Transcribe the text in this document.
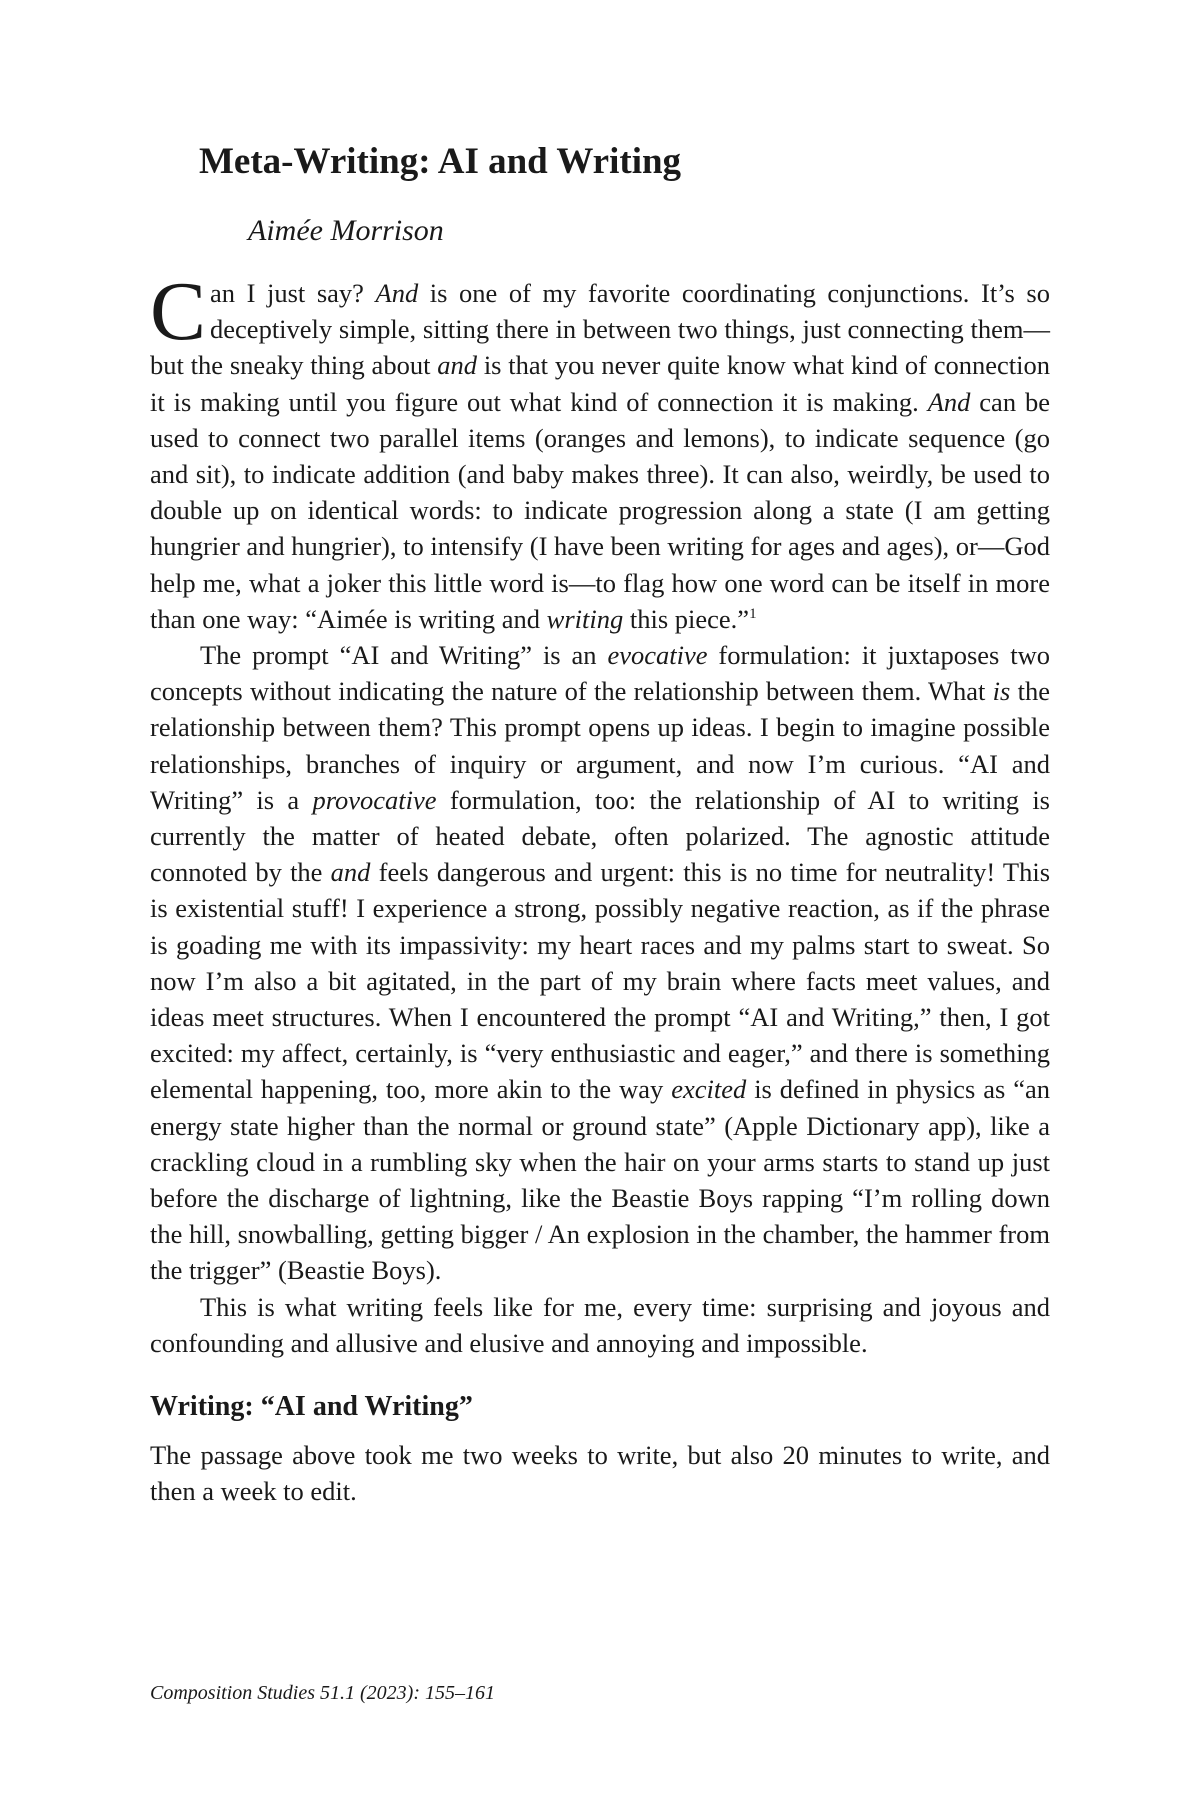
Meta-Writing: AI and Writing

Aimée Morrison

C an I just say? And is one of my favorite coordinating conjunctions. It’s so deceptively simple, sitting there in between two things, just connecting them—but the sneaky thing about and is that you never quite know what kind of connection it is making until you figure out what kind of connection it is making. And can be used to connect two parallel items (oranges and lemons), to indicate sequence (go and sit), to indicate addition (and baby makes three). It can also, weirdly, be used to double up on identical words: to indicate progression along a state (I am getting hungrier and hungrier), to intensify (I have been writing for ages and ages), or—God help me, what a joker this little word is—to flag how one word can be itself in more than one way: “Aimée is writing and writing this piece.”$^1$

The prompt “AI and Writing” is an evocative formulation: it juxtaposes two concepts without indicating the nature of the relationship between them. What is the relationship between them? This prompt opens up ideas. I begin to imagine possible relationships, branches of inquiry or argument, and now I’m curious. “AI and Writing” is a provocative formulation, too: the relationship of AI to writing is currently the matter of heated debate, often polarized. The agnostic attitude connoted by the and feels dangerous and urgent: this is no time for neutrality! This is existential stuff! I experience a strong, possibly negative reaction, as if the phrase is goading me with its impassivity: my heart races and my palms start to sweat. So now I’m also a bit agitated, in the part of my brain where facts meet values, and ideas meet structures. When I encountered the prompt “AI and Writing,” then, I got excited: my affect, certainly, is “very enthusiastic and eager,” and there is something elemental happening, too, more akin to the way excited is defined in physics as “an energy state higher than the normal or ground state” (Apple Dictionary app), like a crackling cloud in a rumbling sky when the hair on your arms starts to stand up just before the discharge of lightning, like the Beastie Boys rapping “I’m rolling down the hill, snowballing, getting bigger / An explosion in the chamber, the hammer from the trigger” (Beastie Boys).

This is what writing feels like for me, every time: surprising and joyous and confounding and allusive and elusive and annoying and impossible.

Writing: “AI and Writing”

The passage above took me two weeks to write, but also 20 minutes to write, and then a week to edit.

Composition Studies 51.1 (2023): 155–161
